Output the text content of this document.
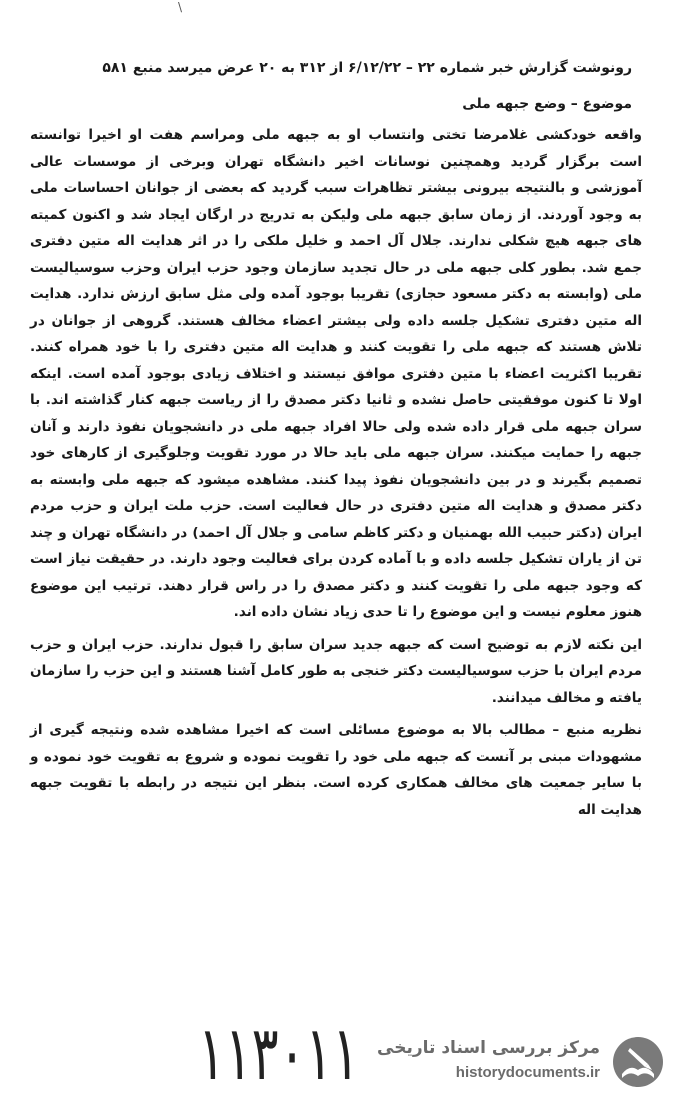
\
رونوشت گزارش خبر شماره ۲۲ – ۶/۱۲/۲۲ از ۳۱۲ به ۲۰ عرض میرسد منبع ۵۸۱
موضوع – وضع جبهه ملی

واقعه خودکشی غلامرضا تختی وانتساب او به جبهه ملی ومراسم هفت او اخیرا توانسته است برگزار گردید وهمچنین نوسانات اخیر دانشگاه تهران وبرخی از موسسات عالی آموزشی و بالنتیجه بیرونی بیشتر تظاهرات سبب گردید که بعضی از جوانان احساسات ملی به وجود آوردند. از زمان سابق جبهه ملی ولیکن به تدریج در ارگان ایجاد شد و اکنون کمیته های جبهه هیچ شکلی ندارند. جلال آل احمد و خلیل ملکی را در اثر هدایت اله متین دفتری جمع شد. بطور کلی جبهه ملی در حال تجدید سازمان وجود حزب ایران وحزب سوسیالیست ملی (وابسته به دکتر مسعود حجازی) تقریبا بوجود آمده ولی مثل سابق ارزش ندارد. هدایت اله متین دفتری تشکیل جلسه داده ولی بیشتر اعضاء مخالف هستند. گروهی از جوانان در تلاش هستند که جبهه ملی را تقویت کنند و هدایت اله متین دفتری را با خود همراه کنند. تقریبا اکثریت اعضاء با متین دفتری موافق نیستند و اختلاف زیادی بوجود آمده است. اینکه اولا تا کنون موفقیتی حاصل نشده و ثانیا دکتر مصدق را از ریاست جبهه کنار گذاشته اند. با سران جبهه ملی قرار داده شده ولی حالا افراد جبهه ملی در دانشجویان نفوذ دارند و آنان جبهه را حمایت میکنند. سران جبهه ملی باید حالا در مورد تقویت وجلوگیری از کارهای خود تصمیم بگیرند و در بین دانشجویان نفوذ پیدا کنند. مشاهده میشود که جبهه ملی وابسته به دکتر مصدق و هدایت اله متین دفتری در حال فعالیت است. حزب ملت ایران و حزب مردم ایران (دکتر حبیب الله بهمنیان و دکتر کاظم سامی و جلال آل احمد) در دانشگاه تهران و چند تن از یاران تشکیل جلسه داده و با آماده کردن برای فعالیت وجود دارند. در حقیقت نیاز است که وجود جبهه ملی را تقویت کنند و دکتر مصدق را در راس قرار دهند. ترتیب این موضوع هنوز معلوم نیست و این موضوع را تا حدی زیاد نشان داده اند.

این نکته لازم به توضیح است که جبهه جدید سران سابق را قبول ندارند. حزب ایران و حزب مردم ایران با حزب سوسیالیست دکتر خنجی به طور کامل آشنا هستند و این حزب را سازمان یافته و مخالف میدانند.

نظریه منبع – مطالب بالا به موضوع مسائلی است که اخیرا مشاهده شده ونتیجه گیری از مشهودات مبنی بر آنست که جبهه ملی خود را تقویت نموده و شروع به تقویت خود نموده و با سایر جمعیت های مخالف همکاری کرده است. بنظر این نتیجه در رابطه با تقویت جبهه هدایت اله

۱۱۳۰۱۱ مرکز بررسی اسناد تاریخی
historydocuments.ir
